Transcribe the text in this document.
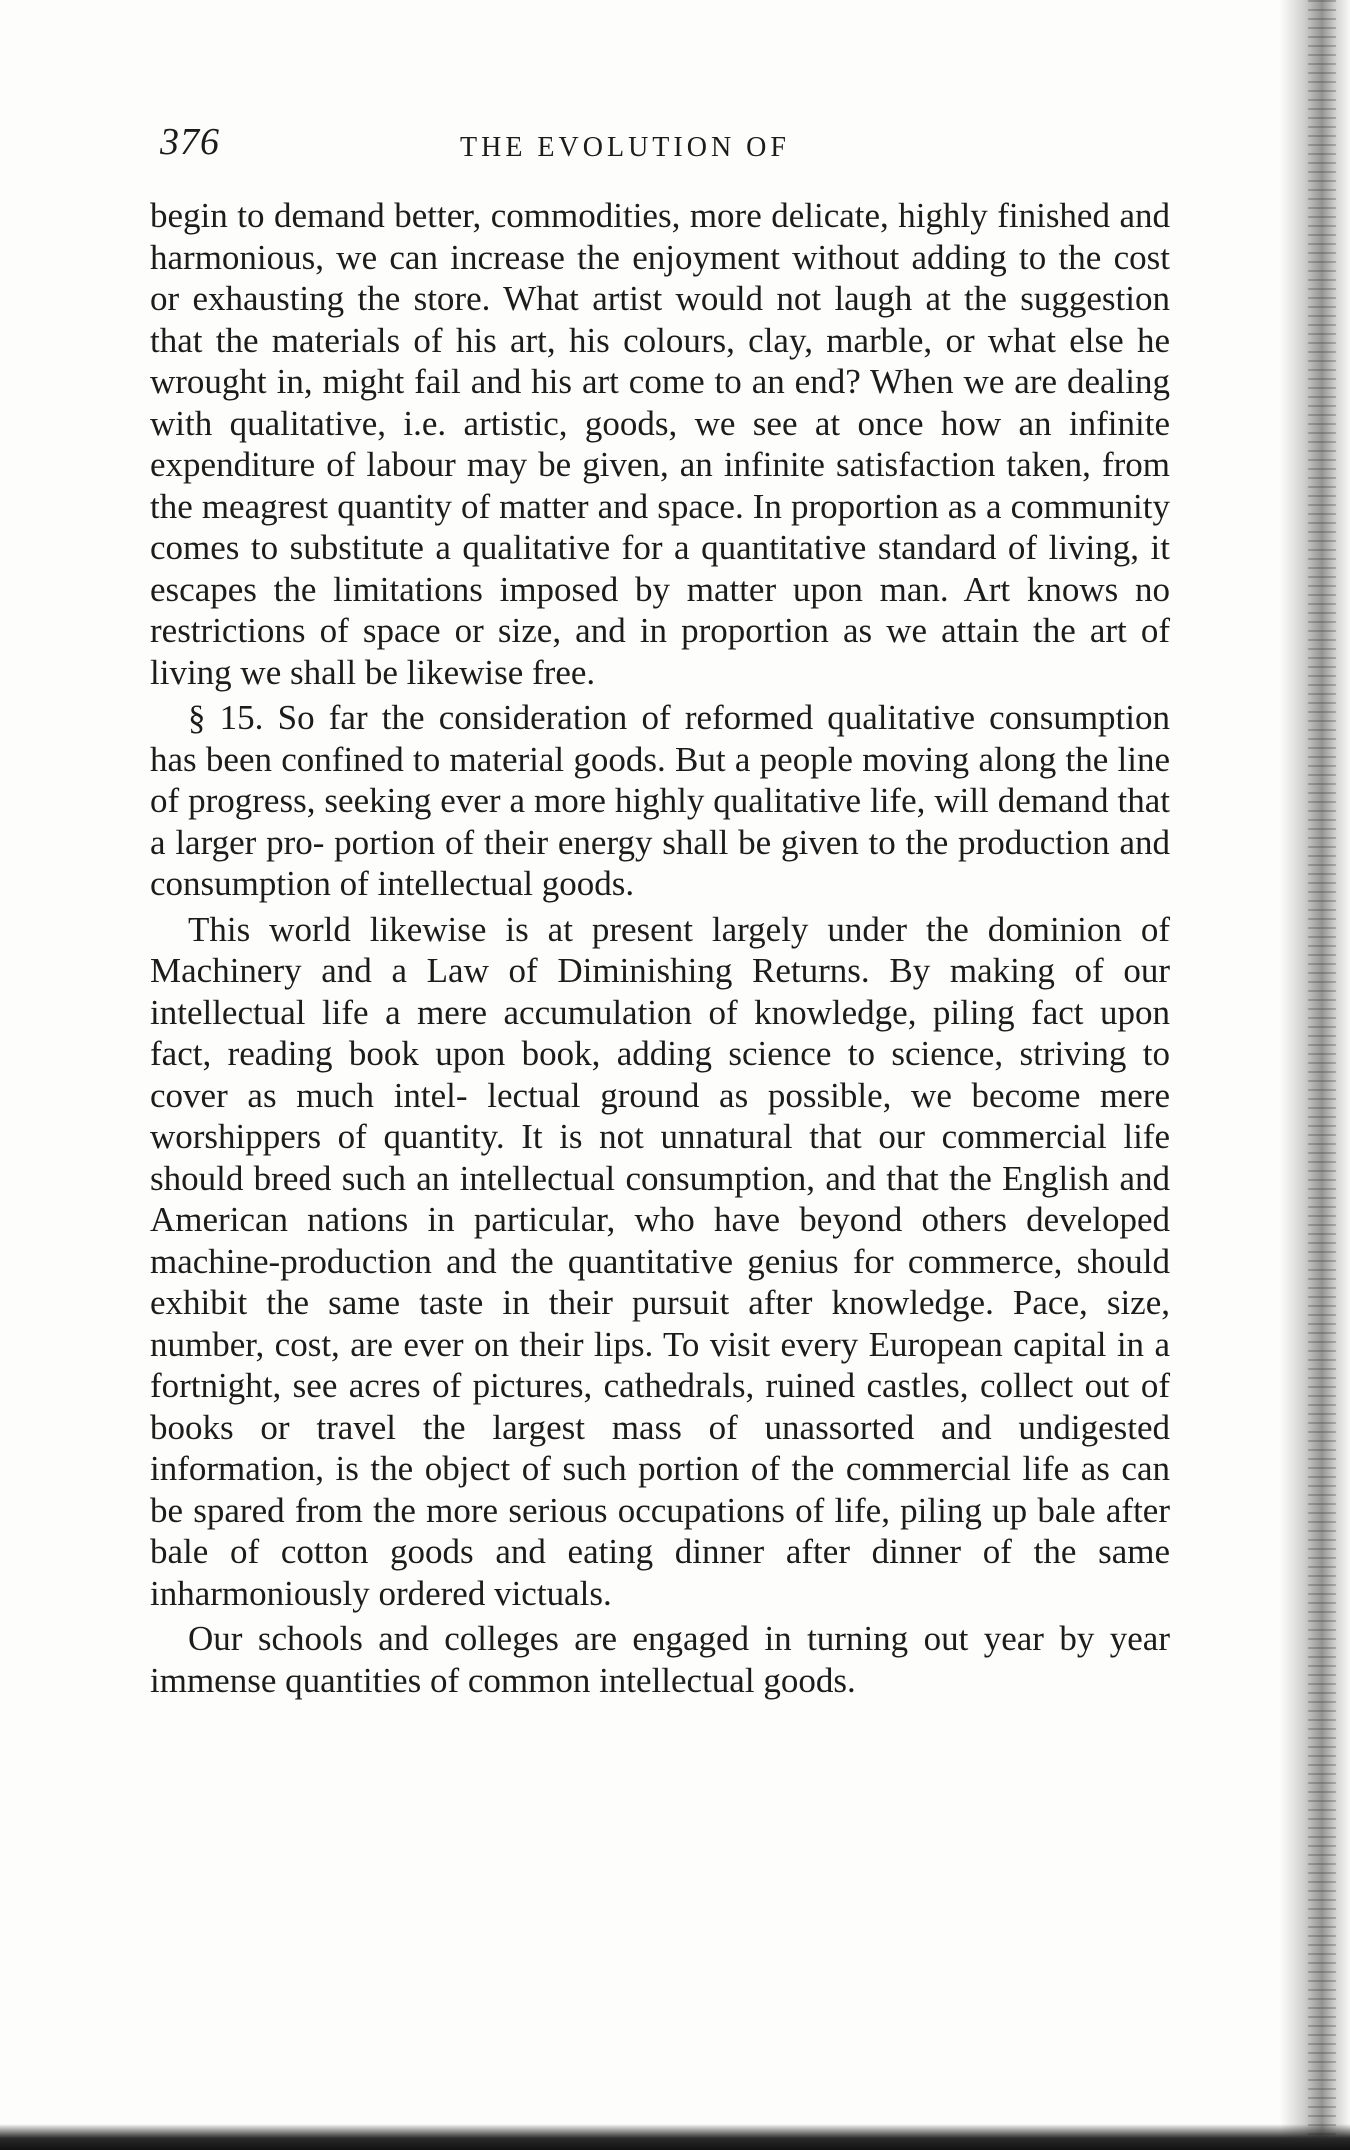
376	THE EVOLUTION OF

begin to demand better, commodities, more delicate, highly finished and harmonious, we can increase the enjoyment without adding to the cost or exhausting the store. What artist would not laugh at the suggestion that the materials of his art, his colours, clay, marble, or what else he wrought in, might fail and his art come to an end? When we are dealing with qualitative, i.e. artistic, goods, we see at once how an infinite expenditure of labour may be given, an infinite satisfaction taken, from the meagrest quantity of matter and space. In proportion as a community comes to substitute a qualitative for a quantitative standard of living, it escapes the limitations imposed by matter upon man. Art knows no restrictions of space or size, and in proportion as we attain the art of living we shall be likewise free.

§ 15. So far the consideration of reformed qualitative consumption has been confined to material goods. But a people moving along the line of progress, seeking ever a more highly qualitative life, will demand that a larger pro- portion of their energy shall be given to the production and consumption of intellectual goods.

This world likewise is at present largely under the dominion of Machinery and a Law of Diminishing Returns. By making of our intellectual life a mere accumulation of knowledge, piling fact upon fact, reading book upon book, adding science to science, striving to cover as much intel- lectual ground as possible, we become mere worshippers of quantity. It is not unnatural that our commercial life should breed such an intellectual consumption, and that the English and American nations in particular, who have beyond others developed machine-production and the quantitative genius for commerce, should exhibit the same taste in their pursuit after knowledge. Pace, size, number, cost, are ever on their lips. To visit every European capital in a fortnight, see acres of pictures, cathedrals, ruined castles, collect out of books or travel the largest mass of unassorted and undigested information, is the object of such portion of the commercial life as can be spared from the more serious occupations of life, piling up bale after bale of cotton goods and eating dinner after dinner of the same inharmoniously ordered victuals.

Our schools and colleges are engaged in turning out year by year immense quantities of common intellectual goods.
